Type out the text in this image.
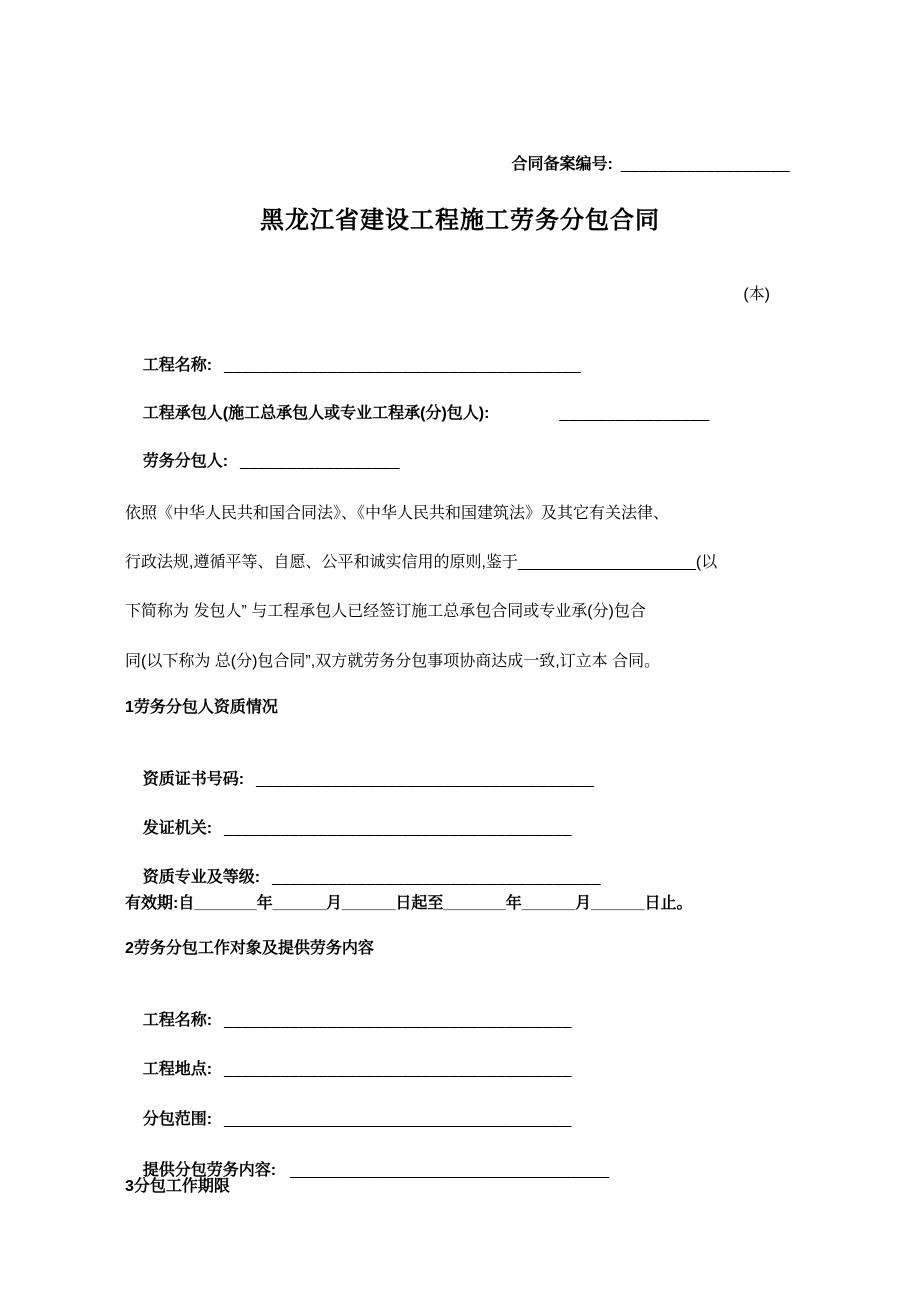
合同备案编号: __________________

黑龙江省建设工程施工劳务分包合同
(本)

工程名称: ______________________________________

工程承包人(施工总承包人或专业工程承(分)包人):	________________

劳务分包人: _________________

依照《中华人民共和国合同法》、《中华人民共和国建筑法》及其它有关法律、
行政法规,遵循平等、自愿、公平和诚实信用的原则,鉴于____________________(以
下简称为 发包人” 与工程承包人已经签订施工总承包合同或专业承(分)包合
同(以下称为 总(分)包合同”,双方就劳务分包事项协商达成一致,订立本 合同。
1劳务分包人资质情况

资质证书号码: ____________________________________

发证机关: _____________________________________

资质专业及等级: ___________________________________

有效期:自_______年______月______日起至_______年______月______日止。
2劳务分包工作对象及提供劳务内容

工程名称: _____________________________________

工程地点: _____________________________________

分包范围: _____________________________________

提供分包劳务内容: __________________________________

3分包工作期限
